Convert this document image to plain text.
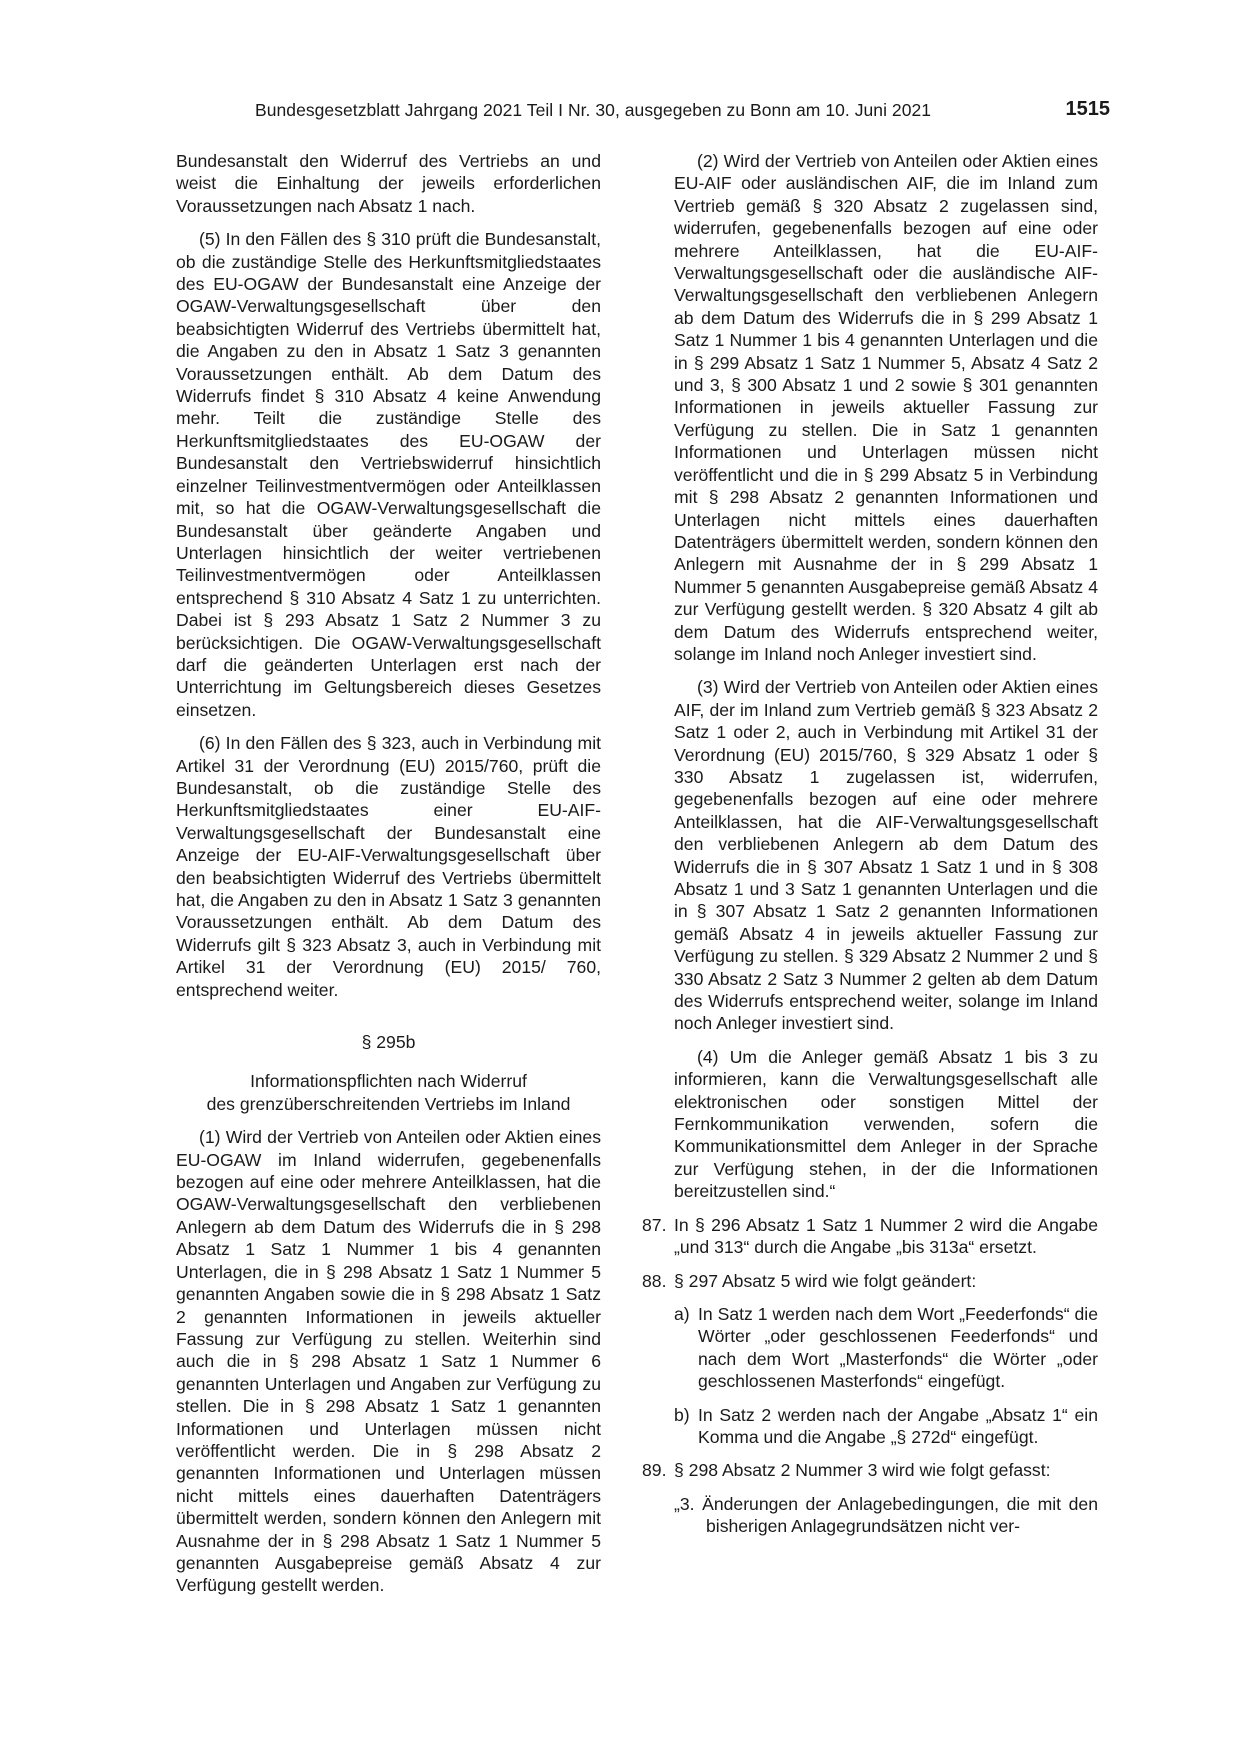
Bundesgesetzblatt Jahrgang 2021 Teil I Nr. 30, ausgegeben zu Bonn am 10. Juni 2021	1515

Bundesanstalt den Widerruf des Vertriebs an und weist die Einhaltung der jeweils erforderlichen Voraussetzungen nach Absatz 1 nach.

(5) In den Fällen des § 310 prüft die Bundesanstalt, ob die zuständige Stelle des Herkunftsmitgliedstaates des EU-OGAW der Bundesanstalt eine Anzeige der OGAW-Verwaltungsgesellschaft über den beabsichtigten Widerruf des Vertriebs übermittelt hat, die Angaben zu den in Absatz 1 Satz 3 genannten Voraussetzungen enthält. Ab dem Datum des Widerrufs findet § 310 Absatz 4 keine Anwendung mehr. Teilt die zuständige Stelle des Herkunftsmitgliedstaates des EU-OGAW der Bundesanstalt den Vertriebswiderruf hinsichtlich einzelner Teilinvestmentvermögen oder Anteilklassen mit, so hat die OGAW-Verwaltungsgesellschaft die Bundesanstalt über geänderte Angaben und Unterlagen hinsichtlich der weiter vertriebenen Teilinvestmentvermögen oder Anteilklassen entsprechend § 310 Absatz 4 Satz 1 zu unterrichten. Dabei ist § 293 Absatz 1 Satz 2 Nummer 3 zu berücksichtigen. Die OGAW-Verwaltungsgesellschaft darf die geänderten Unterlagen erst nach der Unterrichtung im Geltungsbereich dieses Gesetzes einsetzen.

(6) In den Fällen des § 323, auch in Verbindung mit Artikel 31 der Verordnung (EU) 2015/760, prüft die Bundesanstalt, ob die zuständige Stelle des Herkunftsmitgliedstaates einer EU-AIF-Verwaltungsgesellschaft der Bundesanstalt eine Anzeige der EU-AIF-Verwaltungsgesellschaft über den beabsichtigten Widerruf des Vertriebs übermittelt hat, die Angaben zu den in Absatz 1 Satz 3 genannten Voraussetzungen enthält. Ab dem Datum des Widerrufs gilt § 323 Absatz 3, auch in Verbindung mit Artikel 31 der Verordnung (EU) 2015/ 760, entsprechend weiter.

§ 295b
Informationspflichten nach Widerruf
des grenzüberschreitenden Vertriebs im Inland

(1) Wird der Vertrieb von Anteilen oder Aktien eines EU-OGAW im Inland widerrufen, gegebenenfalls bezogen auf eine oder mehrere Anteilklassen, hat die OGAW-Verwaltungsgesellschaft den verbliebenen Anlegern ab dem Datum des Widerrufs die in § 298 Absatz 1 Satz 1 Nummer 1 bis 4 genannten Unterlagen, die in § 298 Absatz 1 Satz 1 Nummer 5 genannten Angaben sowie die in § 298 Absatz 1 Satz 2 genannten Informationen in jeweils aktueller Fassung zur Verfügung zu stellen. Weiterhin sind auch die in § 298 Absatz 1 Satz 1 Nummer 6 genannten Unterlagen und Angaben zur Verfügung zu stellen. Die in § 298 Absatz 1 Satz 1 genannten Informationen und Unterlagen müssen nicht veröffentlicht werden. Die in § 298 Absatz 2 genannten Informationen und Unterlagen müssen nicht mittels eines dauerhaften Datenträgers übermittelt werden, sondern können den Anlegern mit Ausnahme der in § 298 Absatz 1 Satz 1 Nummer 5 genannten Ausgabepreise gemäß Absatz 4 zur Verfügung gestellt werden.

(2) Wird der Vertrieb von Anteilen oder Aktien eines EU-AIF oder ausländischen AIF, die im Inland zum Vertrieb gemäß § 320 Absatz 2 zugelassen sind, widerrufen, gegebenenfalls bezogen auf eine oder mehrere Anteilklassen, hat die EU-AIF-Verwaltungsgesellschaft oder die ausländische AIF-Verwaltungsgesellschaft den verbliebenen Anlegern ab dem Datum des Widerrufs die in § 299 Absatz 1 Satz 1 Nummer 1 bis 4 genannten Unterlagen und die in § 299 Absatz 1 Satz 1 Nummer 5, Absatz 4 Satz 2 und 3, § 300 Absatz 1 und 2 sowie § 301 genannten Informationen in jeweils aktueller Fassung zur Verfügung zu stellen. Die in Satz 1 genannten Informationen und Unterlagen müssen nicht veröffentlicht und die in § 299 Absatz 5 in Verbindung mit § 298 Absatz 2 genannten Informationen und Unterlagen nicht mittels eines dauerhaften Datenträgers übermittelt werden, sondern können den Anlegern mit Ausnahme der in § 299 Absatz 1 Nummer 5 genannten Ausgabepreise gemäß Absatz 4 zur Verfügung gestellt werden. § 320 Absatz 4 gilt ab dem Datum des Widerrufs entsprechend weiter, solange im Inland noch Anleger investiert sind.

(3) Wird der Vertrieb von Anteilen oder Aktien eines AIF, der im Inland zum Vertrieb gemäß § 323 Absatz 2 Satz 1 oder 2, auch in Verbindung mit Artikel 31 der Verordnung (EU) 2015/760, § 329 Absatz 1 oder § 330 Absatz 1 zugelassen ist, widerrufen, gegebenenfalls bezogen auf eine oder mehrere Anteilklassen, hat die AIF-Verwaltungsgesellschaft den verbliebenen Anlegern ab dem Datum des Widerrufs die in § 307 Absatz 1 Satz 1 und in § 308 Absatz 1 und 3 Satz 1 genannten Unterlagen und die in § 307 Absatz 1 Satz 2 genannten Informationen gemäß Absatz 4 in jeweils aktueller Fassung zur Verfügung zu stellen. § 329 Absatz 2 Nummer 2 und § 330 Absatz 2 Satz 3 Nummer 2 gelten ab dem Datum des Widerrufs entsprechend weiter, solange im Inland noch Anleger investiert sind.

(4) Um die Anleger gemäß Absatz 1 bis 3 zu informieren, kann die Verwaltungsgesellschaft alle elektronischen oder sonstigen Mittel der Fernkommunikation verwenden, sofern die Kommunikationsmittel dem Anleger in der Sprache zur Verfügung stehen, in der die Informationen bereitzustellen sind.“

87. In § 296 Absatz 1 Satz 1 Nummer 2 wird die Angabe „und 313“ durch die Angabe „bis 313a“ ersetzt.
88. § 297 Absatz 5 wird wie folgt geändert:
a) In Satz 1 werden nach dem Wort „Feederfonds“ die Wörter „oder geschlossenen Feederfonds“ und nach dem Wort „Masterfonds“ die Wörter „oder geschlossenen Masterfonds“ eingefügt.
b) In Satz 2 werden nach der Angabe „Absatz 1“ ein Komma und die Angabe „§ 272d“ eingefügt.
89. § 298 Absatz 2 Nummer 3 wird wie folgt gefasst:
„3. Änderungen der Anlagebedingungen, die mit den bisherigen Anlagegrundsätzen nicht ver-
